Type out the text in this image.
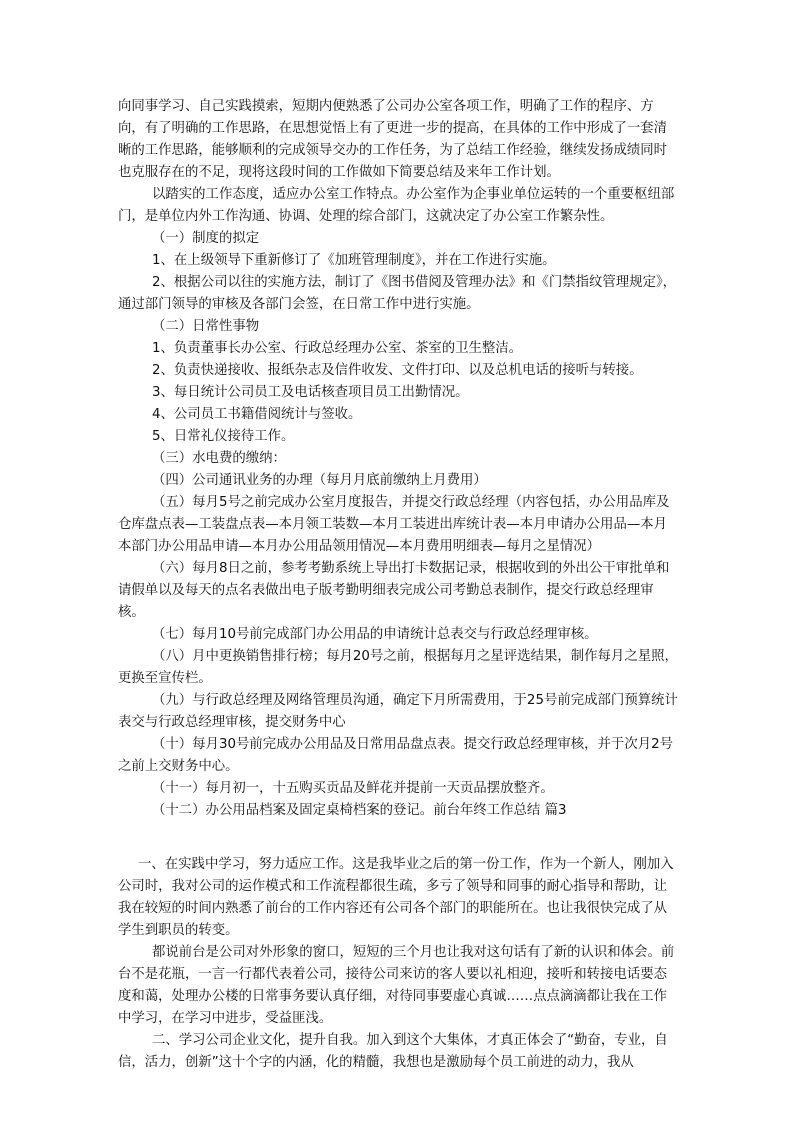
向同事学习、自己实践摸索，短期内便熟悉了公司办公室各项工作，明确了工作的程序、方向，有了明确的工作思路，在思想觉悟上有了更进一步的提高，在具体的工作中形成了一套清晰的工作思路，能够顺利的完成领导交办的工作任务，为了总结工作经验，继续发扬成绩同时也克服存在的不足，现将这段时间的工作做如下简要总结及来年工作计划。

以踏实的工作态度，适应办公室工作特点。办公室作为企事业单位运转的一个重要枢纽部门，是单位内外工作沟通、协调、处理的综合部门，这就决定了办公室工作繁杂性。

（一）制度的拟定

1、在上级领导下重新修订了《加班管理制度》，并在工作进行实施。

2、根据公司以往的实施方法，制订了《图书借阅及管理办法》和《门禁指纹管理规定》，通过部门领导的审核及各部门会签，在日常工作中进行实施。

（二）日常性事物

1、负责董事长办公室、行政总经理办公室、茶室的卫生整洁。

2、负责快递接收、报纸杂志及信件收发、文件打印、以及总机电话的接听与转接。

3、每日统计公司员工及电话核查项目员工出勤情况。

4、公司员工书籍借阅统计与签收。

5、日常礼仪接待工作。

（三）水电费的缴纳：

（四）公司通讯业务的办理（每月月底前缴纳上月费用）

（五）每月5号之前完成办公室月度报告，并提交行政总经理（内容包括，办公用品库及仓库盘点表—工装盘点表—本月领工装数—本月工装进出库统计表—本月申请办公用品—本月本部门办公用品申请—本月办公用品领用情况—本月费用明细表—每月之星情况）

（六）每月8日之前，参考考勤系统上导出打卡数据记录，根据收到的外出公干审批单和请假单以及每天的点名表做出电子版考勤明细表完成公司考勤总表制作，提交行政总经理审核。

（七）每月10号前完成部门办公用品的申请统计总表交与行政总经理审核。

（八）月中更换销售排行榜；每月20号之前，根据每月之星评选结果，制作每月之星照，更换至宣传栏。

（九）与行政总经理及网络管理员沟通，确定下月所需费用，于25号前完成部门预算统计表交与行政总经理审核，提交财务中心

（十）每月30号前完成办公用品及日常用品盘点表。提交行政总经理审核，并于次月2号之前上交财务中心。

（十一）每月初一，十五购买贡品及鲜花并提前一天贡品摆放整齐。

（十二）办公用品档案及固定桌椅档案的登记。前台年终工作总结 篇3

一、在实践中学习，努力适应工作。这是我毕业之后的第一份工作，作为一个新人，刚加入公司时，我对公司的运作模式和工作流程都很生疏，多亏了领导和同事的耐心指导和帮助，让我在较短的时间内熟悉了前台的工作内容还有公司各个部门的职能所在。也让我很快完成了从学生到职员的转变。

都说前台是公司对外形象的窗口，短短的三个月也让我对这句话有了新的认识和体会。前台不是花瓶，一言一行都代表着公司，接待公司来访的客人要以礼相迎，接听和转接电话要态度和蔼，处理办公楼的日常事务要认真仔细，对待同事要虚心真诚……点点滴滴都让我在工作中学习，在学习中进步，受益匪浅。

二、学习公司企业文化，提升自我。加入到这个大集体，才真正体会了“勤奋，专业，自信，活力，创新”这十个字的内涵，化的精髓，我想也是激励每个员工前进的动力，我从
